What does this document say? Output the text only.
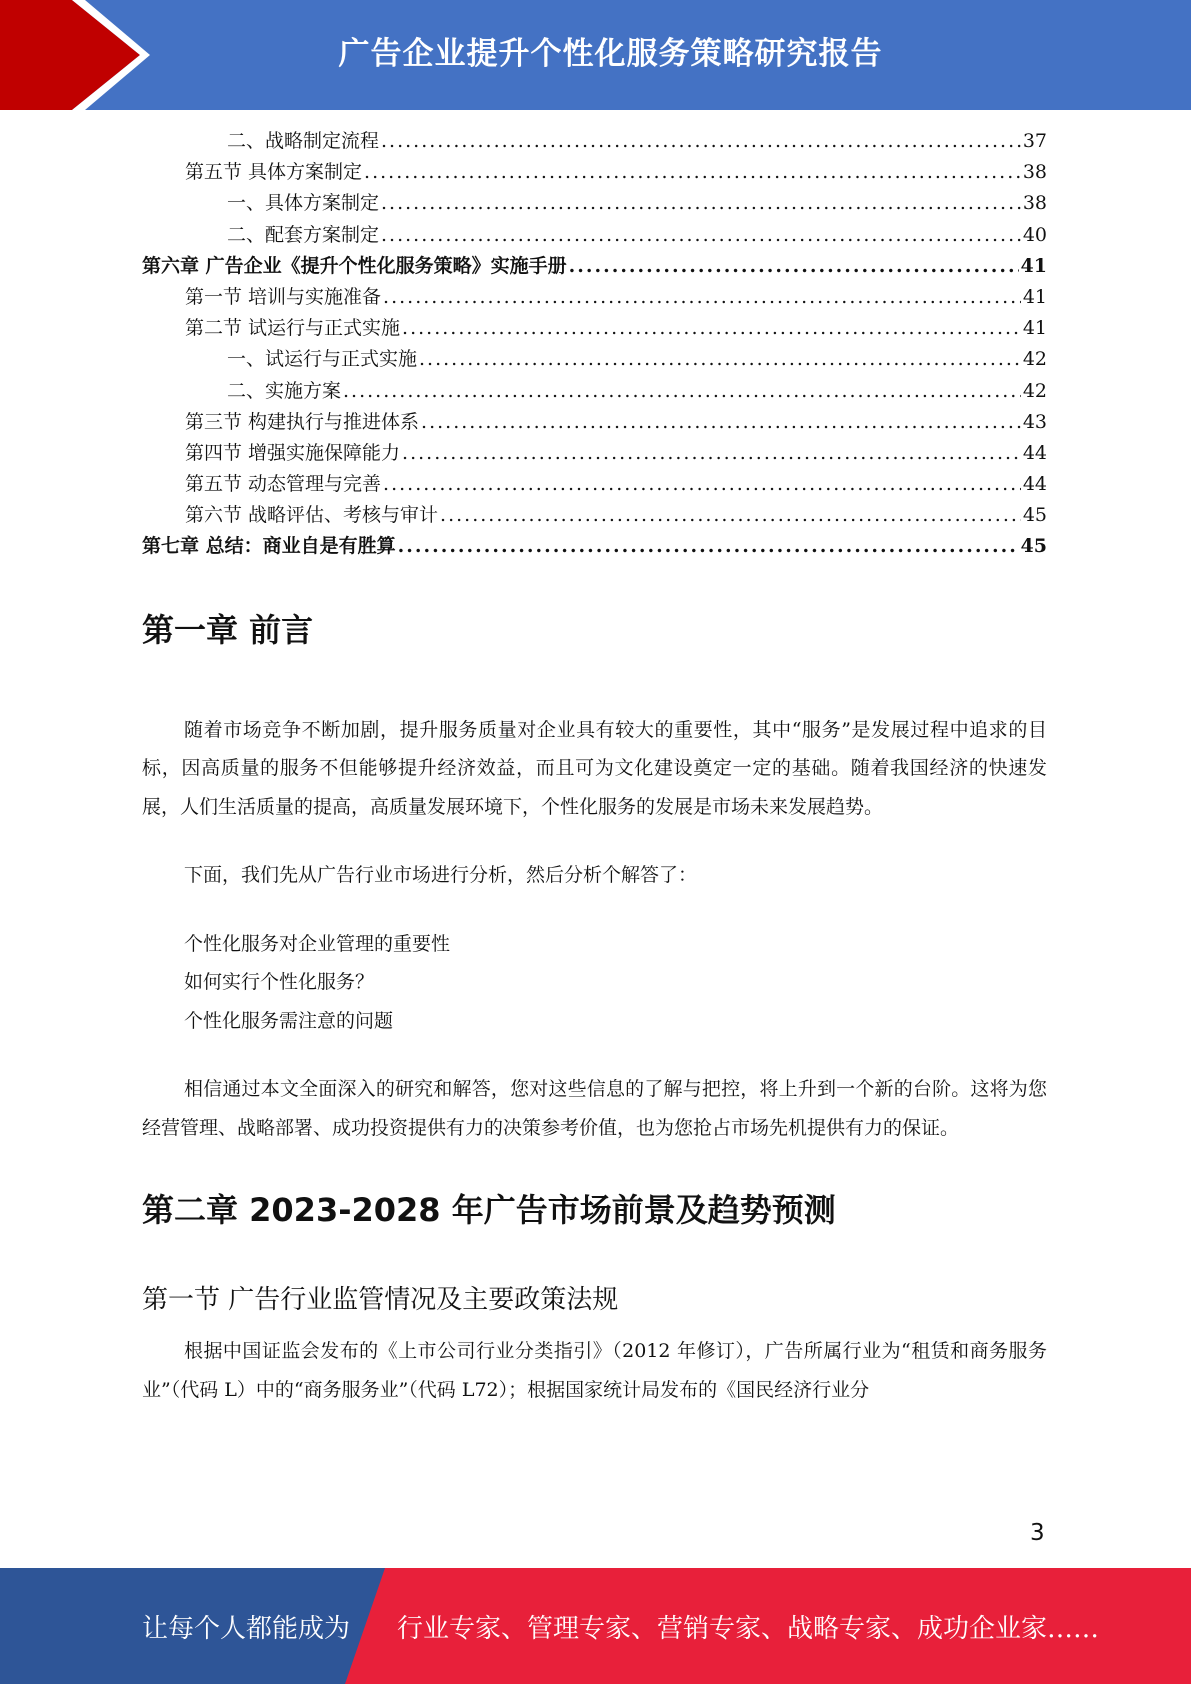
广告企业提升个性化服务策略研究报告
二、战略制定流程 .....	37
第五节 具体方案制定 .....	38
一、具体方案制定 .....	38
二、配套方案制定 .....	40
第六章 广告企业《提升个性化服务策略》实施手册 .....	41
第一节 培训与实施准备 .....	41
第二节 试运行与正式实施 .....	41
一、试运行与正式实施 .....	42
二、实施方案 .....	42
第三节 构建执行与推进体系 .....	43
第四节 增强实施保障能力 .....	44
第五节 动态管理与完善 .....	44
第六节 战略评估、考核与审计 .....	45
第七章 总结：商业自是有胜算 .....	45
第一章 前言

随着市场竞争不断加剧，提升服务质量对企业具有较大的重要性，其中“服务”是发展过程中追求的目标，因高质量的服务不但能够提升经济效益，而且可为文化建设奠定一定的基础。随着我国经济的快速发展，人们生活质量的提高，高质量发展环境下，个性化服务的发展是市场未来发展趋势。

下面，我们先从广告行业市场进行分析，然后分析个解答了：

个性化服务对企业管理的重要性

如何实行个性化服务？

个性化服务需注意的问题

相信通过本文全面深入的研究和解答，您对这些信息的了解与把控，将上升到一个新的台阶。这将为您经营管理、战略部署、成功投资提供有力的决策参考价值，也为您抢占市场先机提供有力的保证。

第二章 2023-2028 年广告市场前景及趋势预测
第一节 广告行业监管情况及主要政策法规

根据中国证监会发布的《上市公司行业分类指引》（2012 年修订），广告所属行业为“租赁和商务服务业”（代码 L）中的“商务服务业”（代码 L72）；根据国家统计局发布的《国民经济行业分

3
让每个人都能成为 行业专家、管理专家、营销专家、战略专家、成功企业家……
